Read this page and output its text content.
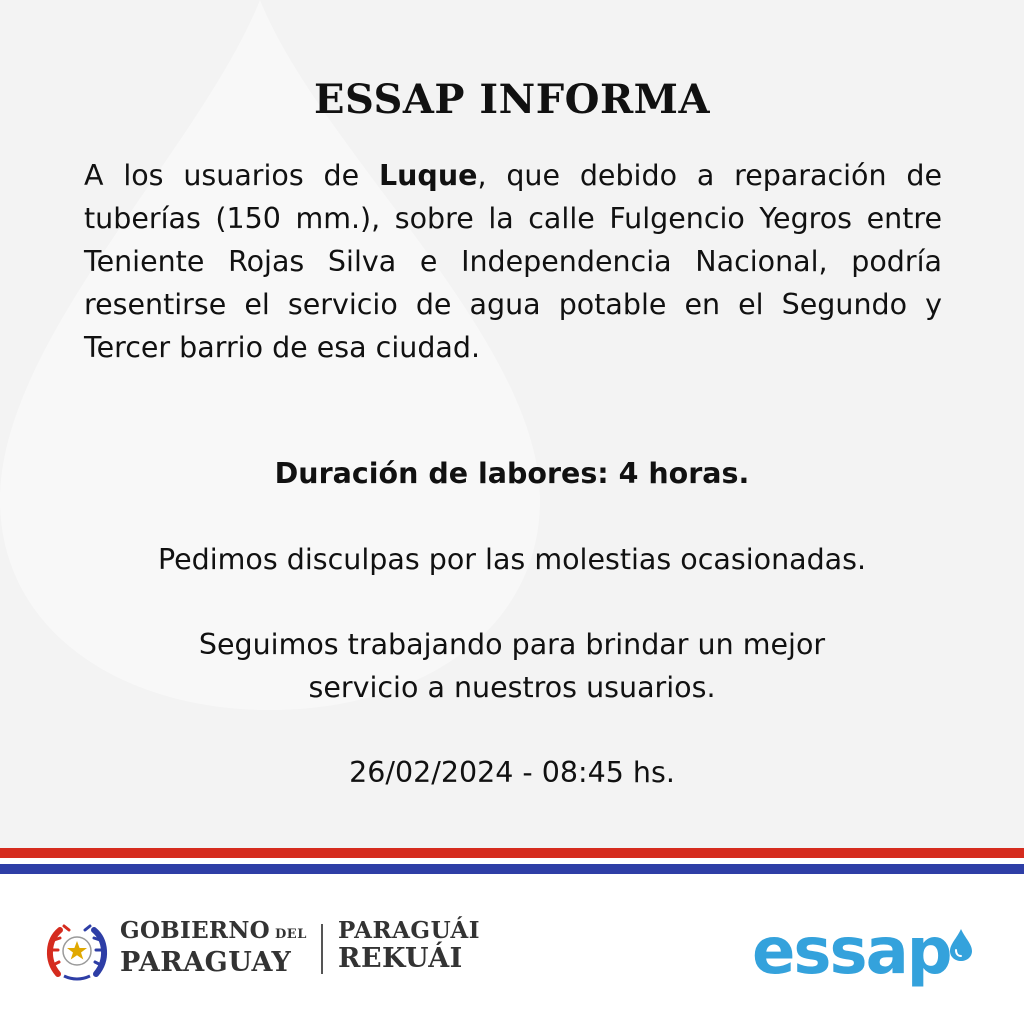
ESSAP INFORMA
A los usuarios de Luque, que debido a reparación de tuberías (150 mm.), sobre la calle Fulgencio Yegros entre Teniente Rojas Silva e Independencia Nacional, podría resentirse el servicio de agua potable en el Segundo y Tercer barrio de esa ciudad.
Duración de labores: 4 horas.
Pedimos disculpas por las molestias ocasionadas.
Seguimos trabajando para brindar un mejor
servicio a nuestros usuarios.
26/02/2024 - 08:45 hs.
GOBIERNO DEL
PARAGUAY
PARAGUÁI
REKUÁI	essap
